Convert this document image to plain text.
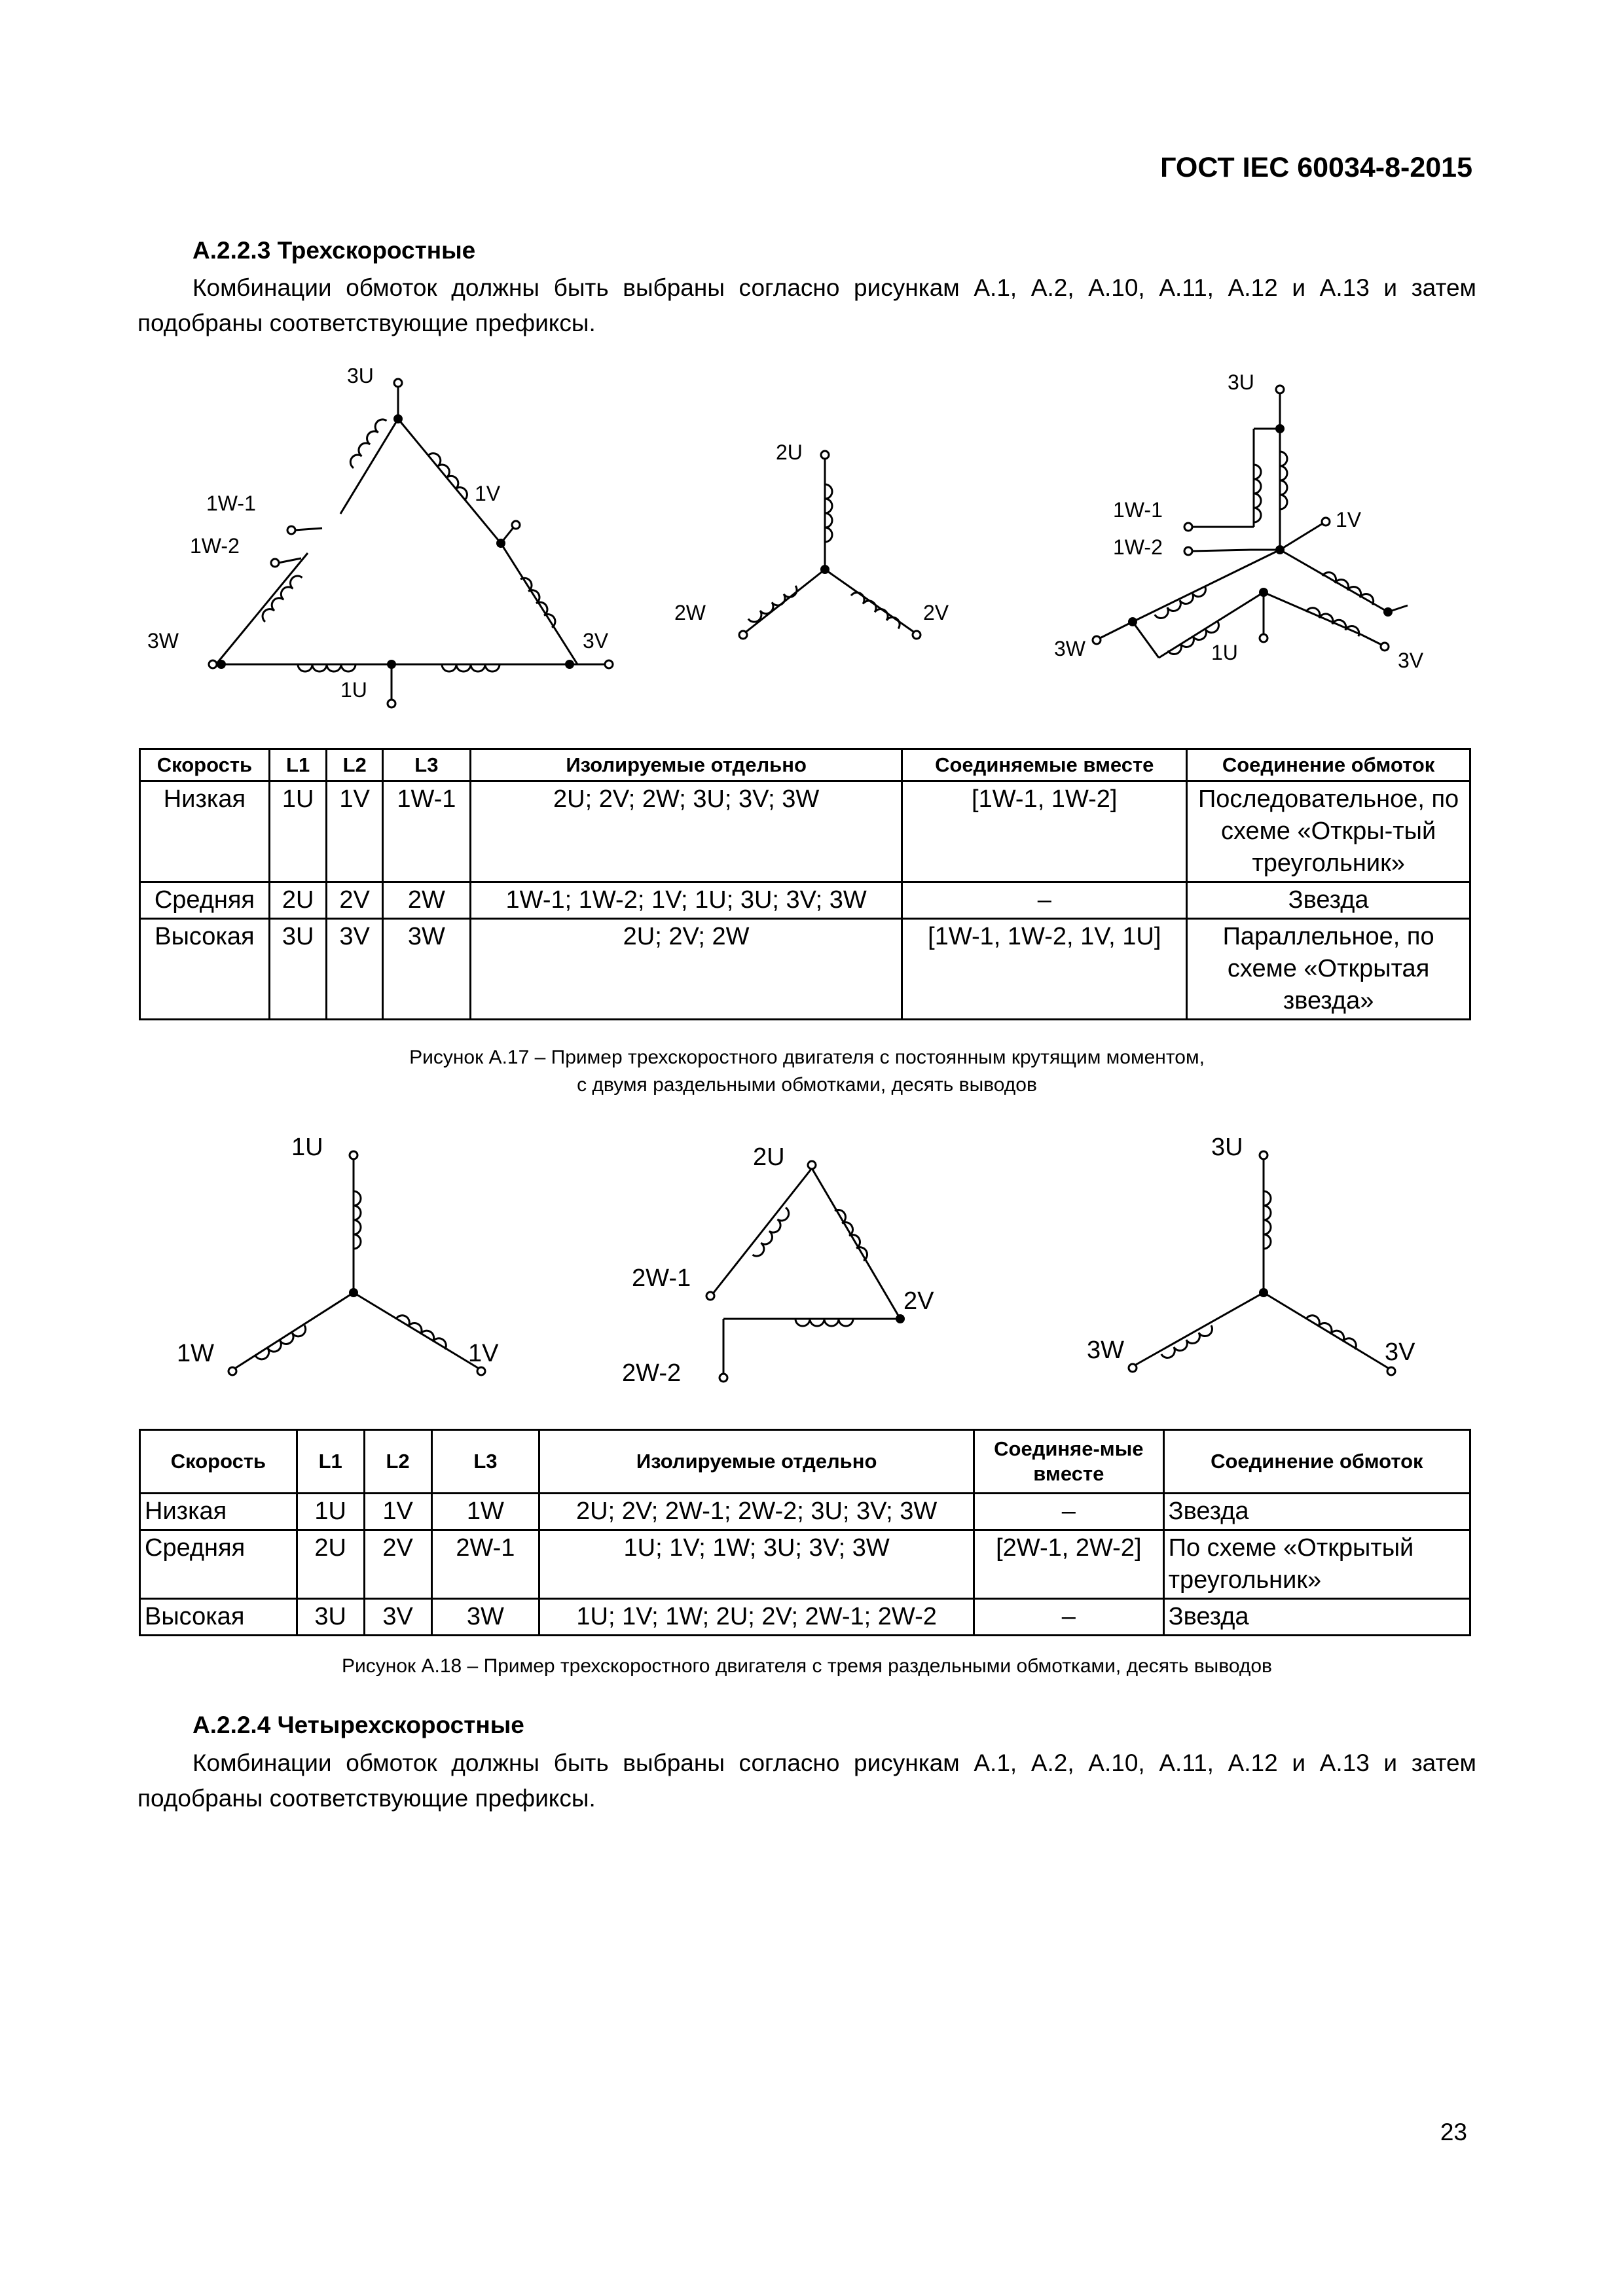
ГОСТ IEC 60034-8-2015
А.2.2.3 Трехскоростные
Комбинации обмоток должны быть выбраны согласно рисункам А.1, А.2, А.10, А.11, А.12 и А.13 и затем подобраны соответствующие префиксы.
3U
1W-1
1W-2
1V
3W	3V
1U
2U
2W	2V
3U
1W-1
1W-2
1V
3W	1U	3V
Скорость	L1	L2	L3	Изолируемые отдельно	Соединяемые вместе	Соединение обмоток
Низкая	1U	1V	1W-1	2U; 2V; 2W; 3U; 3V; 3W	[1W-1, 1W-2]	Последовательное, по схеме «Откры-тый треугольник»
Средняя	2U	2V	2W	1W-1; 1W-2; 1V; 1U; 3U; 3V; 3W	–	Звезда
Высокая	3U	3V	3W	2U; 2V; 2W	[1W-1, 1W-2, 1V, 1U]	Параллельное, по схеме «Открытая звезда»
Рисунок А.17 – Пример трехскоростного двигателя с постоянным крутящим моментом,
с двумя раздельными обмотками, десять выводов
1U
1W	1V
2U
2W-1
2V
2W-2
3U
3W	3V
Скорость	L1	L2	L3	Изолируемые отдельно	Соединяе-мые вместе	Соединение обмоток
Низкая	1U	1V	1W	2U; 2V; 2W-1; 2W-2; 3U; 3V; 3W	–	Звезда
Средняя	2U	2V	2W-1	1U; 1V; 1W; 3U; 3V; 3W	[2W-1, 2W-2]	По схеме «Открытый треугольник»
Высокая	3U	3V	3W	1U; 1V; 1W; 2U; 2V; 2W-1; 2W-2	–	Звезда
Рисунок А.18 – Пример трехскоростного двигателя с тремя раздельными обмотками, десять выводов
А.2.2.4 Четырехскоростные
Комбинации обмоток должны быть выбраны согласно рисункам А.1, А.2, А.10, А.11, А.12 и А.13 и затем подобраны соответствующие префиксы.
23
